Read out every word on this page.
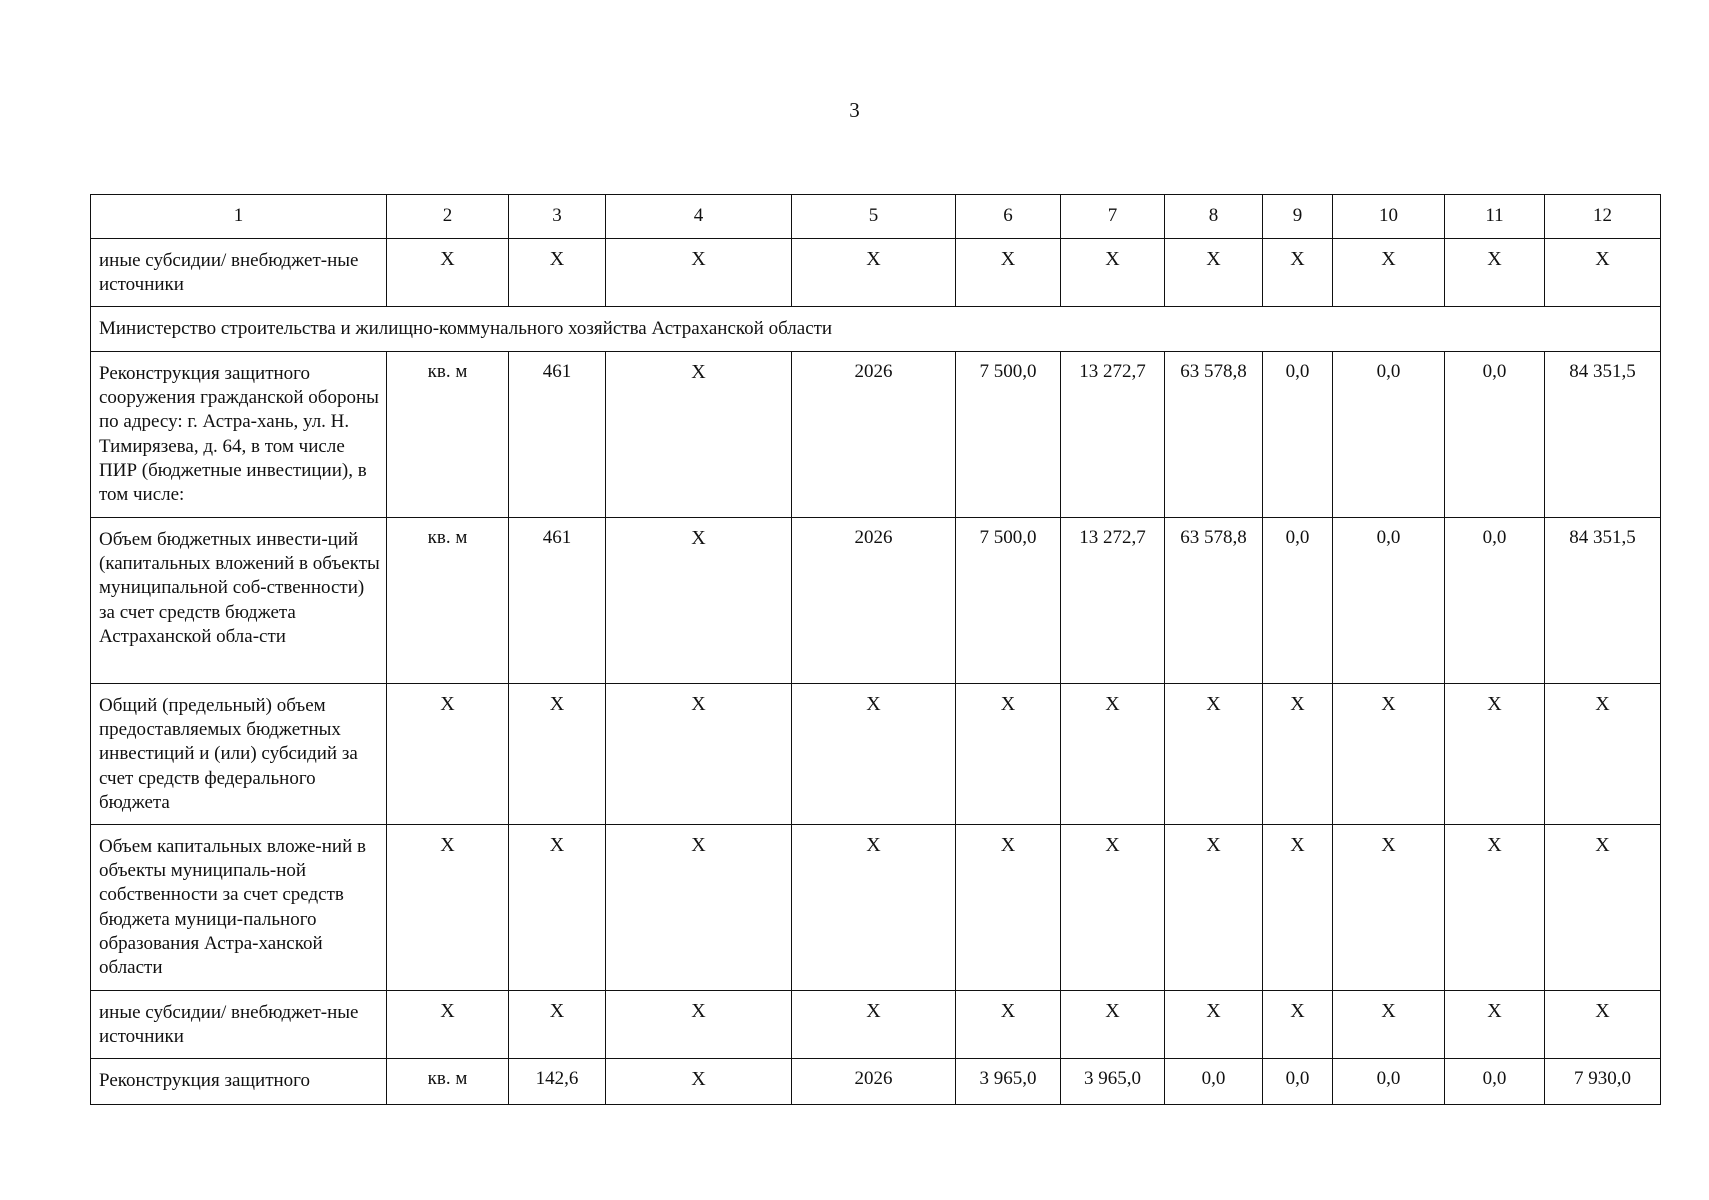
3
1	2	3	4	5	6	7	8	9	10	11	12
иные субсидии/ внебюджет-ные источники	X	X	X	X	X	X	X	X	X	X	X
Министерство строительства и жилищно-коммунального хозяйства Астраханской области											
Реконструкция защитного сооружения гражданской обороны по адресу: г. Астра-хань, ул. Н. Тимирязева, д. 64, в том числе ПИР (бюджетные инвестиции), в том числе:	кв. м	461	X	2026	7 500,0	13 272,7	63 578,8	0,0	0,0	0,0	84 351,5
Объем бюджетных инвести-ций (капитальных вложений в объекты муниципальной соб-ственности) за счет средств бюджета Астраханской обла-сти	кв. м	461	X	2026	7 500,0	13 272,7	63 578,8	0,0	0,0	0,0	84 351,5
Общий (предельный) объем предоставляемых бюджетных инвестиций и (или) субсидий за счет средств федерального бюджета	X	X	X	X	X	X	X	X	X	X	X
Объем капитальных вложе-ний в объекты муниципаль-ной собственности за счет средств бюджета муници-пального образования Астра-ханской области	X	X	X	X	X	X	X	X	X	X	X
иные субсидии/ внебюджет-ные источники	X	X	X	X	X	X	X	X	X	X	X
Реконструкция защитного	кв. м	142,6	X	2026	3 965,0	3 965,0	0,0	0,0	0,0	0,0	7 930,0
